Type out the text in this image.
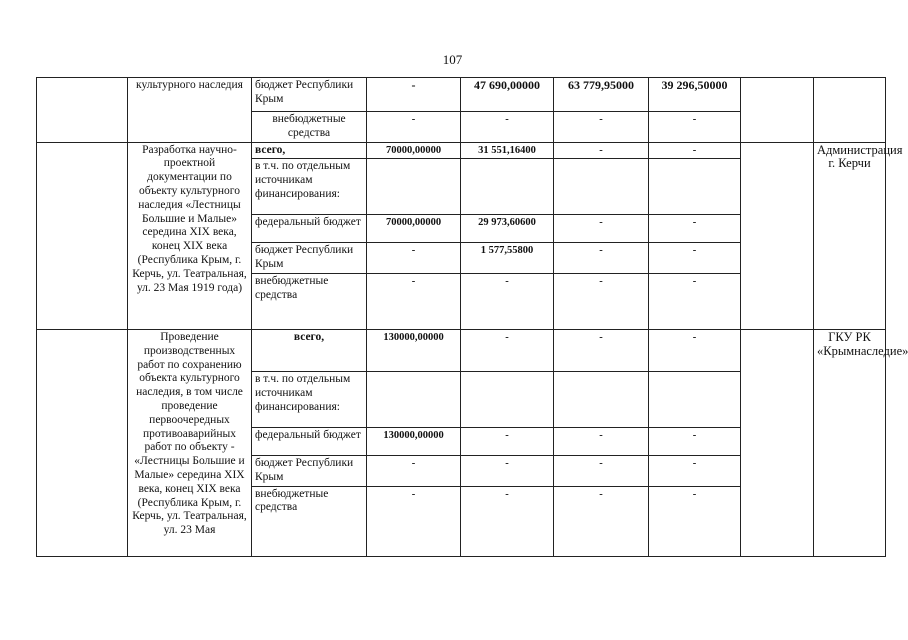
107
	культурного наследия	бюджет Республики Крым	-	47 690,00000	63 779,95000	39 296,50000		
		внебюджетные средства	-	-	-	-		
	Разработка научно-проектной документации по объекту культурного наследия «Лестницы Большие и Малые» середина XIX века, конец XIX века (Республика Крым, г. Керчь, ул. Театральная, ул. 23 Мая 1919 года)	всего,	70000,00000	31 551,16400	-	-		Администрация г. Керчи
		в т.ч. по отдельным источникам финансирования:						
		федеральный бюджет	70000,00000	29 973,60600	-	-		
		бюджет Республики Крым	-	1 577,55800	-	-		
		внебюджетные средства	-	-	-	-		
	Проведение производственных работ по сохранению объекта культурного наследия, в том числе проведение первоочередных противоаварийных работ по объекту - «Лестницы Большие и Малые» середина XIX века, конец XIX века (Республика Крым, г. Керчь, ул. Театральная, ул. 23 Мая	всего,	130000,00000	-	-	-		ГКУ РК «Крымнаследие»
		в т.ч. по отдельным источникам финансирования:						
		федеральный бюджет	130000,00000	-	-	-		
		бюджет Республики Крым	-	-	-	-		
		внебюджетные средства	-	-	-	-		
